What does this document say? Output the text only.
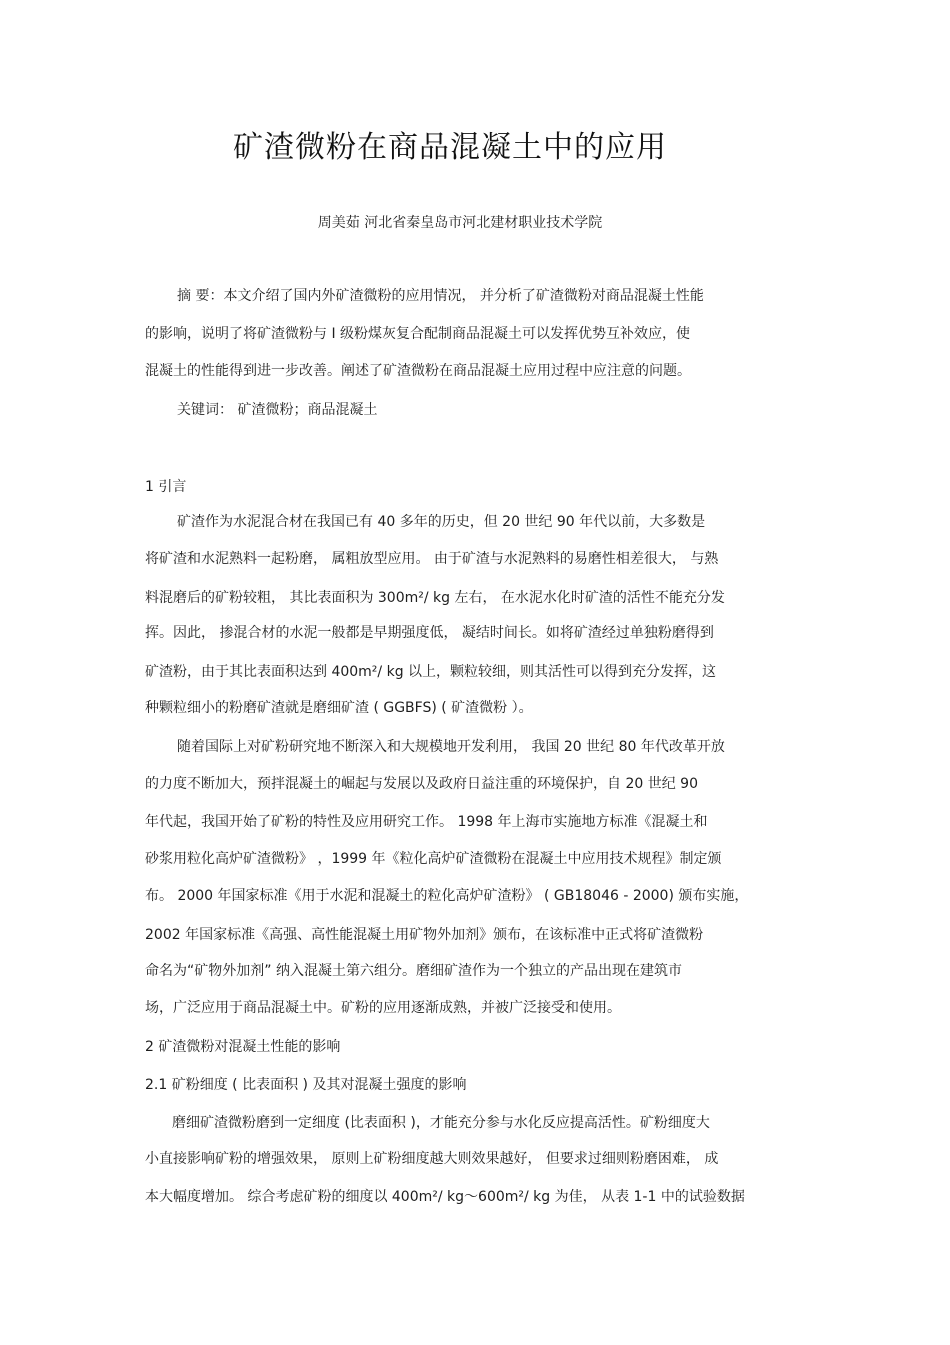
矿渣微粉在商品混凝土中的应用
周美茹 河北省秦皇岛市河北建材职业技术学院
摘 要：本文介绍了国内外矿渣微粉的应用情况， 并分析了矿渣微粉对商品混凝土性能
的影响，说明了将矿渣微粉与 I 级粉煤灰复合配制商品混凝土可以发挥优势互补效应，使
混凝土的性能得到进一步改善。阐述了矿渣微粉在商品混凝土应用过程中应注意的问题。
关键词： 矿渣微粉；商品混凝土
1 引言
矿渣作为水泥混合材在我国已有 40 多年的历史，但 20 世纪 90 年代以前，大多数是
将矿渣和水泥熟料一起粉磨， 属粗放型应用。 由于矿渣与水泥熟料的易磨性相差很大， 与熟
料混磨后的矿粉较粗， 其比表面积为 300m²/ kg 左右， 在水泥水化时矿渣的活性不能充分发
挥。因此， 掺混合材的水泥一般都是早期强度低， 凝结时间长。如将矿渣经过单独粉磨得到
矿渣粉，由于其比表面积达到 400m²/ kg 以上，颗粒较细，则其活性可以得到充分发挥，这
种颗粒细小的粉磨矿渣就是磨细矿渣 ( GGBFS) ( 矿渣微粉 ）。
随着国际上对矿粉研究地不断深入和大规模地开发利用， 我国 20 世纪 80 年代改革开放
的力度不断加大，预拌混凝土的崛起与发展以及政府日益注重的环境保护，自 20 世纪 90
年代起，我国开始了矿粉的特性及应用研究工作。 1998 年上海市实施地方标准《混凝土和
砂浆用粒化高炉矿渣微粉》 ，1999 年《粒化高炉矿渣微粉在混凝土中应用技术规程》制定颁
布。 2000 年国家标准《用于水泥和混凝土的粒化高炉矿渣粉》 ( GB18046 - 2000) 颁布实施，
2002 年国家标准《高强、高性能混凝土用矿物外加剂》颁布，在该标准中正式将矿渣微粉
命名为“矿物外加剂” 纳入混凝土第六组分。磨细矿渣作为一个独立的产品出现在建筑市
场，广泛应用于商品混凝土中。矿粉的应用逐渐成熟，并被广泛接受和使用。
2 矿渣微粉对混凝土性能的影响
2.1 矿粉细度 ( 比表面积 ) 及其对混凝土强度的影响
磨细矿渣微粉磨到一定细度 (比表面积 )，才能充分参与水化反应提高活性。矿粉细度大
小直接影响矿粉的增强效果， 原则上矿粉细度越大则效果越好， 但要求过细则粉磨困难， 成
本大幅度增加。 综合考虑矿粉的细度以 400m²/ kg～600m²/ kg 为佳， 从表 1-1 中的试验数据
